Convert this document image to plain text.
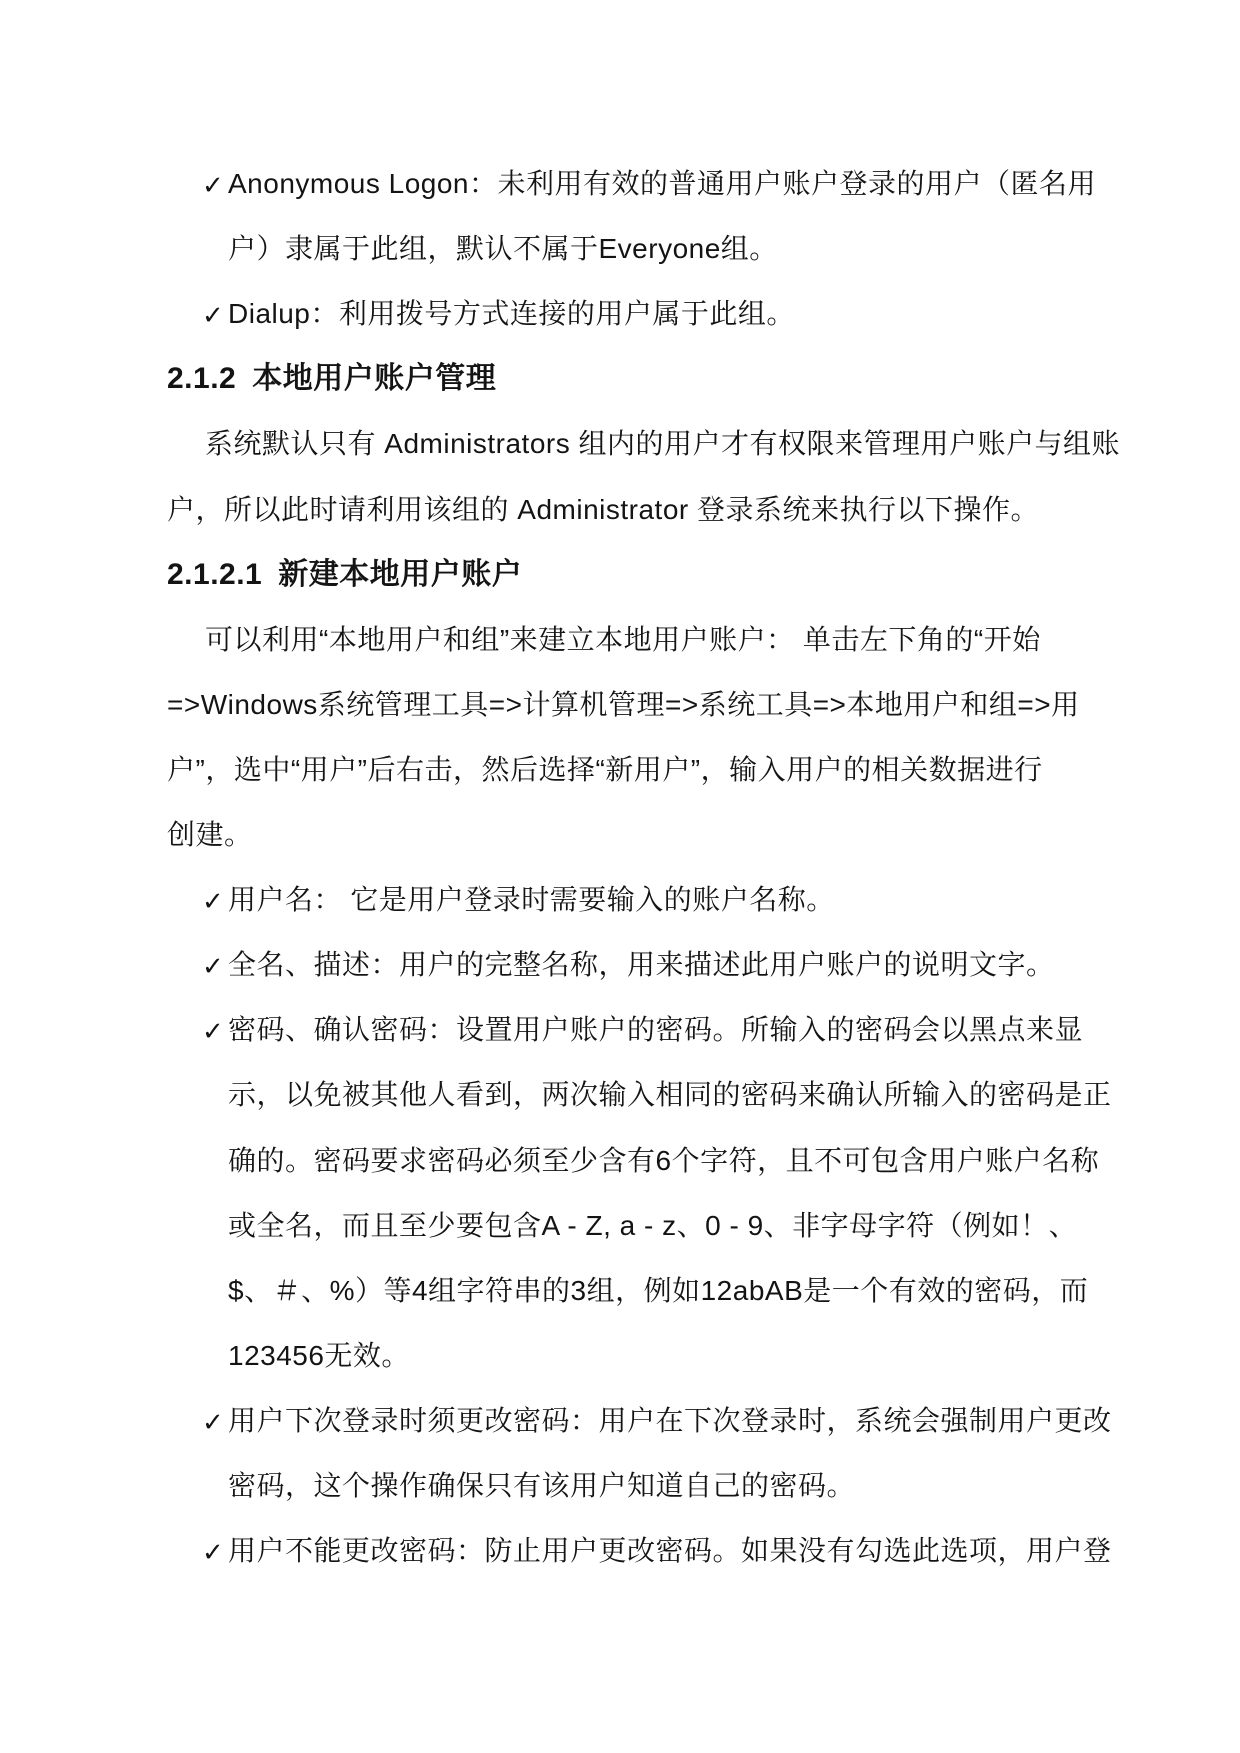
✓ Anonymous Logon：未利用有效的普通用户账户登录的用户（匿名用
户）隶属于此组，默认不属于Everyone组。
✓ Dialup：利用拨号方式连接的用户属于此组。
2.1.2 本地用户账户管理
系统默认只有 Administrators 组内的用户才有权限来管理用户账户与组账
户，所以此时请利用该组的 Administrator 登录系统来执行以下操作。
2.1.2.1 新建本地用户账户
可以利用“本地用户和组”来建立本地用户账户： 单击左下角的“开始
=>Windows系统管理工具=>计算机管理=>系统工具=>本地用户和组=>用
户”，选中“用户”后右击，然后选择“新用户”，输入用户的相关数据进行
创建。
✓ 用户名： 它是用户登录时需要输入的账户名称。
✓ 全名、描述：用户的完整名称，用来描述此用户账户的说明文字。
✓ 密码、确认密码：设置用户账户的密码。所输入的密码会以黑点来显
示，以免被其他人看到，两次输入相同的密码来确认所输入的密码是正
确的。密码要求密码必须至少含有6个字符，且不可包含用户账户名称
或全名，而且至少要包含A - Z, a - z、0 - 9、非字母字符（例如！、
$、＃、%）等4组字符串的3组，例如12abAB是一个有效的密码，而
123456无效。
✓ 用户下次登录时须更改密码：用户在下次登录时，系统会强制用户更改
密码，这个操作确保只有该用户知道自己的密码。
✓ 用户不能更改密码：防止用户更改密码。如果没有勾选此选项，用户登
